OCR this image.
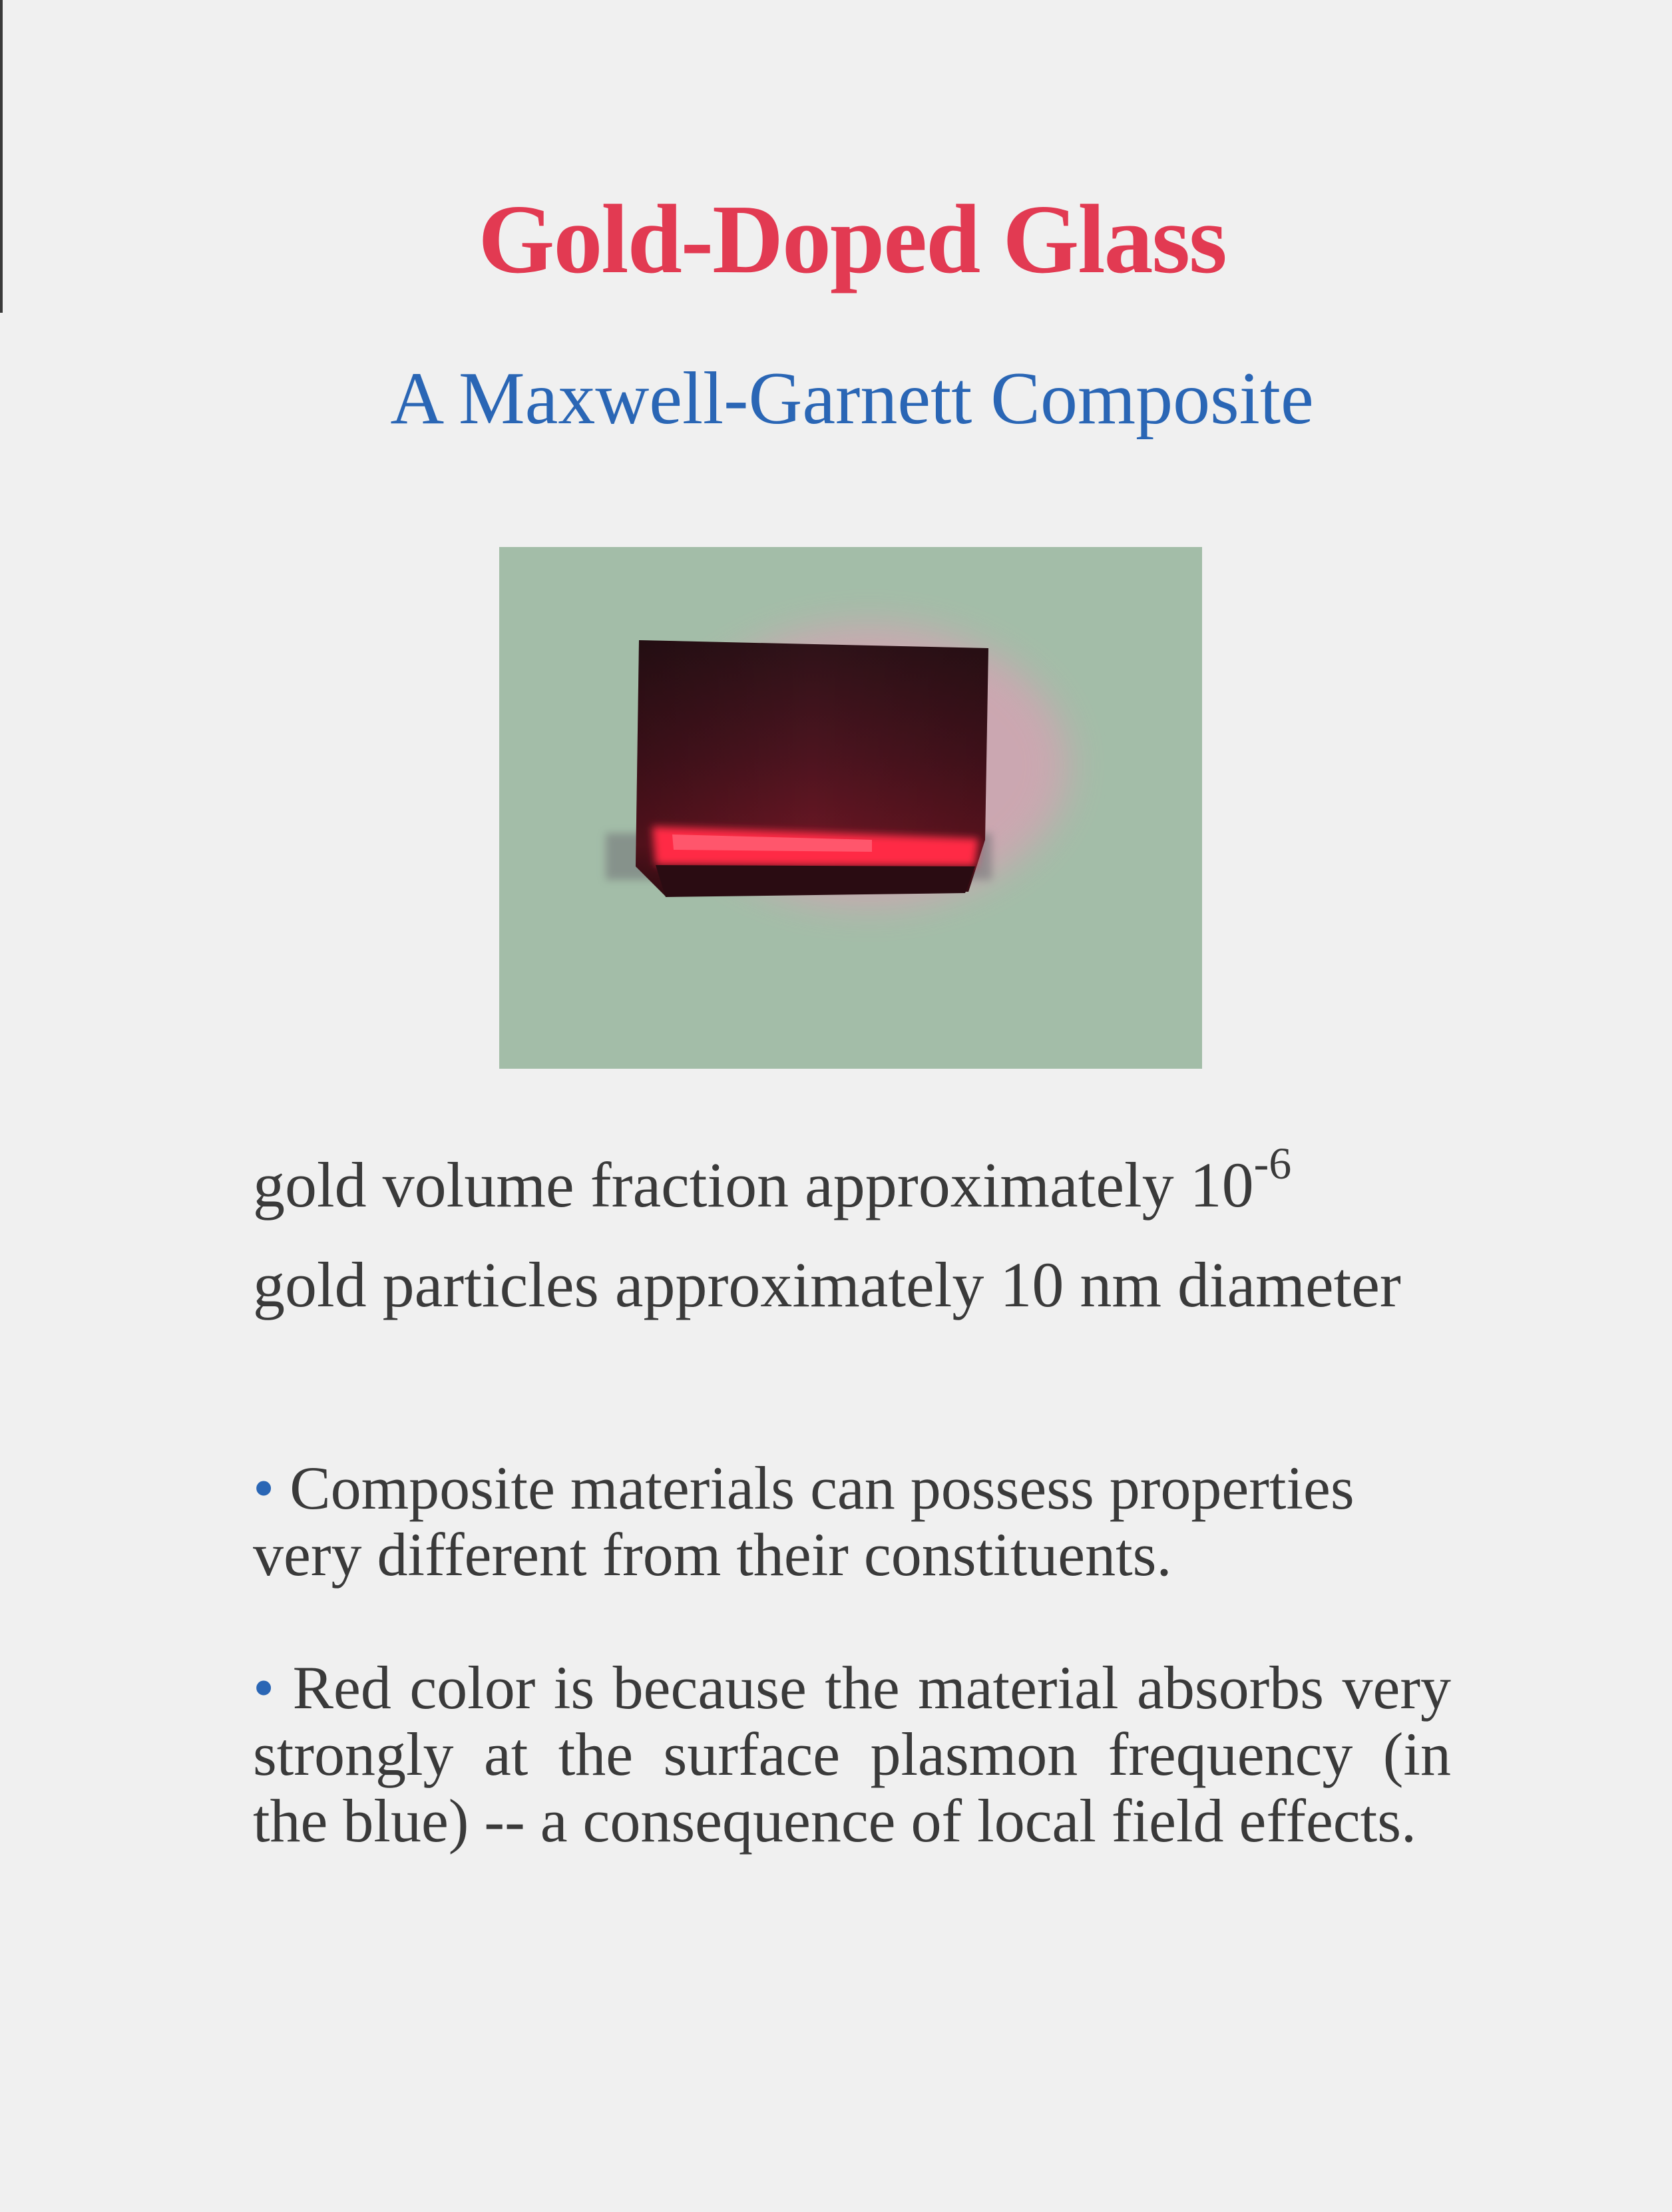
Gold-Doped Glass
A Maxwell-Garnett Composite
gold volume fraction approximately $10^{-6}$
gold particles approximately 10 nm diameter
• Composite materials can possess properties very different from their constituents.
• Red color is because the material absorbs very strongly at the surface plasmon frequency (in the blue) -- a consequence of local field effects.
